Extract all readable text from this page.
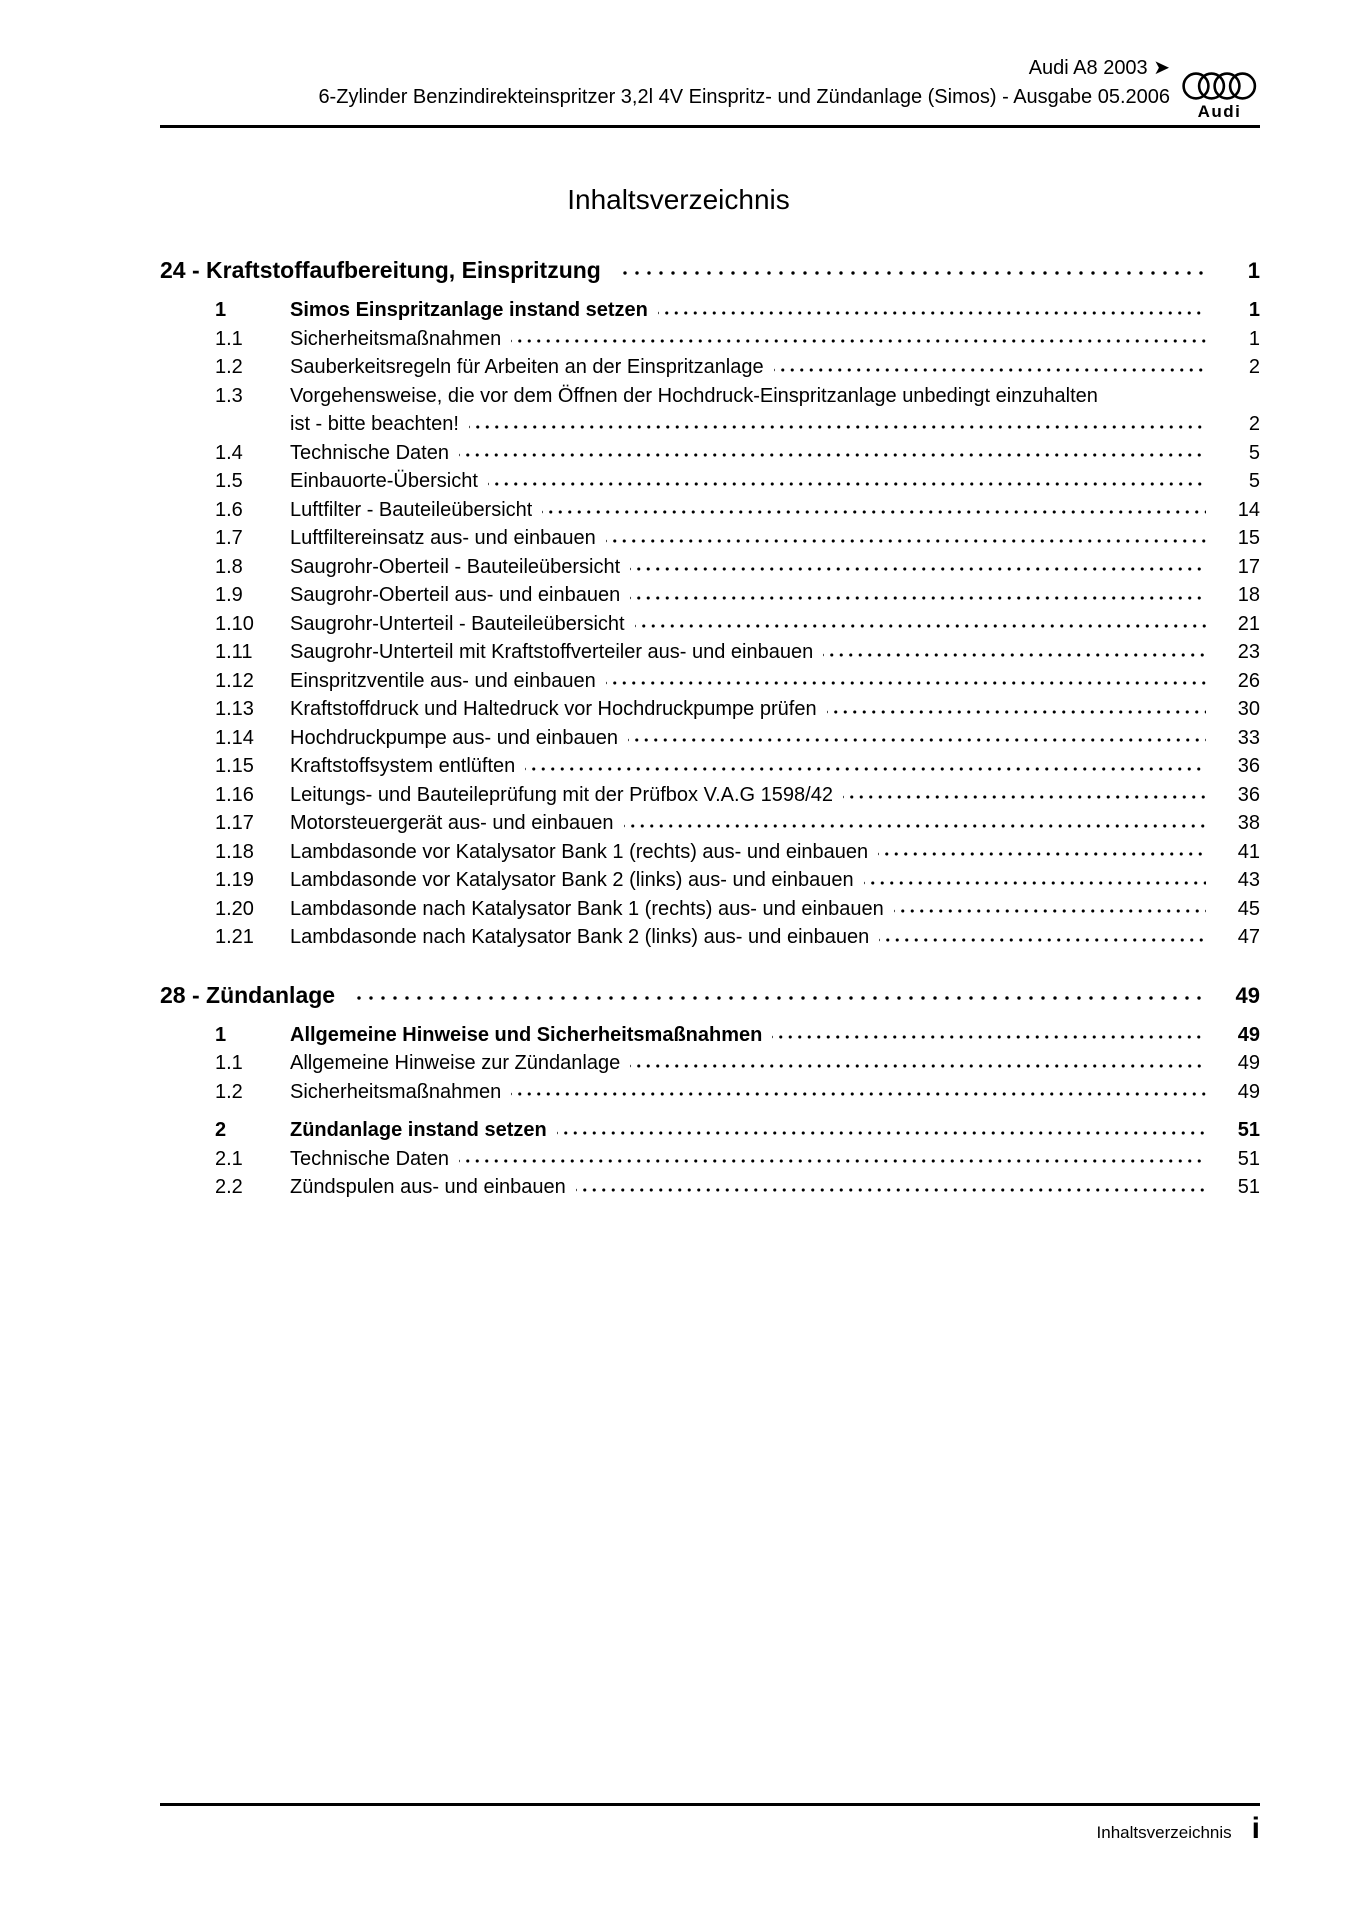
Audi A8 2003 ➤
6-Zylinder Benzindirekteinspritzer 3,2l 4V Einspritz- und Zündanlage (Simos) - Ausgabe 05.2006
Audi
Inhaltsverzeichnis
24 - Kraftstoffaufbereitung, Einspritzung	1
1	Simos Einspritzanlage instand setzen	1
1.1	Sicherheitsmaßnahmen	1
1.2	Sauberkeitsregeln für Arbeiten an der Einspritzanlage	2
1.3	Vorgehensweise, die vor dem Öffnen der Hochdruck-Einspritzanlage unbedingt einzuhalten
ist - bitte beachten!	2
1.4	Technische Daten	5
1.5	Einbauorte-Übersicht	5
1.6	Luftfilter - Bauteileübersicht	14
1.7	Luftfiltereinsatz aus- und einbauen	15
1.8	Saugrohr-Oberteil - Bauteileübersicht	17
1.9	Saugrohr-Oberteil aus- und einbauen	18
1.10	Saugrohr-Unterteil - Bauteileübersicht	21
1.11	Saugrohr-Unterteil mit Kraftstoffverteiler aus- und einbauen	23
1.12	Einspritzventile aus- und einbauen	26
1.13	Kraftstoffdruck und Haltedruck vor Hochdruckpumpe prüfen	30
1.14	Hochdruckpumpe aus- und einbauen	33
1.15	Kraftstoffsystem entlüften	36
1.16	Leitungs- und Bauteileprüfung mit der Prüfbox V.A.G 1598/42	36
1.17	Motorsteuergerät aus- und einbauen	38
1.18	Lambdasonde vor Katalysator Bank 1 (rechts) aus- und einbauen	41
1.19	Lambdasonde vor Katalysator Bank 2 (links) aus- und einbauen	43
1.20	Lambdasonde nach Katalysator Bank 1 (rechts) aus- und einbauen	45
1.21	Lambdasonde nach Katalysator Bank 2 (links) aus- und einbauen	47
28 - Zündanlage	49
1	Allgemeine Hinweise und Sicherheitsmaßnahmen	49
1.1	Allgemeine Hinweise zur Zündanlage	49
1.2	Sicherheitsmaßnahmen	49
2	Zündanlage instand setzen	51
2.1	Technische Daten	51
2.2	Zündspulen aus- und einbauen	51
Inhaltsverzeichnis i
